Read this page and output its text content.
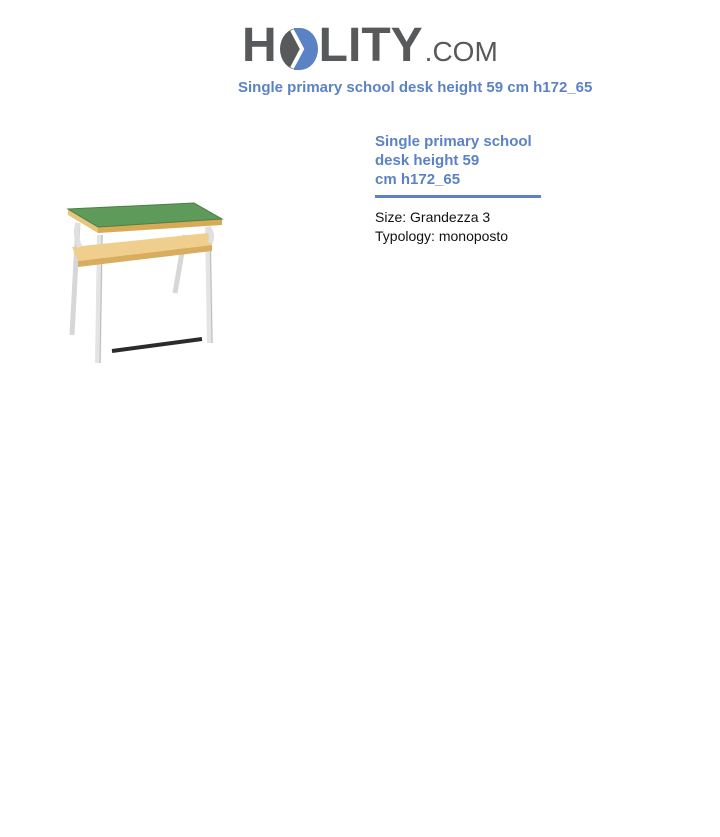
H LITY .COM
Single primary school desk height 59 cm h172_65
Single primary school
desk height 59
cm h172_65
Size: Grandezza 3
Typology: monoposto
